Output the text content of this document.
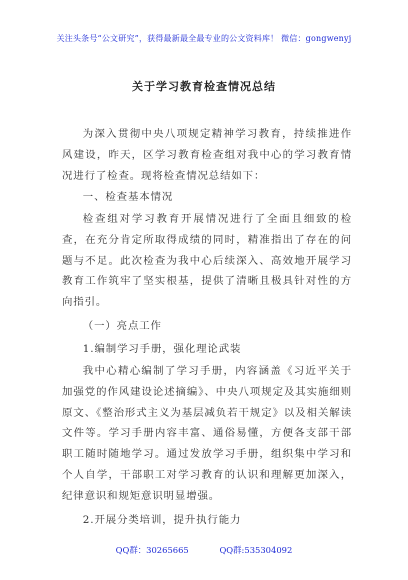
关注头条号“公文研究”，获得最新最全最专业的公文资料库！ 微信：gongwenyj
关于学习教育检查情况总结

为深入贯彻中央八项规定精神学习教育，持续推进作风建设，昨天，区学习教育检查组对我中心的学习教育情况进行了检查。现将检查情况总结如下：

一、检查基本情况

检查组对学习教育开展情况进行了全面且细致的检查，在充分肯定所取得成绩的同时，精准指出了存在的问题与不足。此次检查为我中心后续深入、高效地开展学习教育工作筑牢了坚实根基，提供了清晰且极具针对性的方向指引。

（一）亮点工作

1.编制学习手册，强化理论武装

我中心精心编制了学习手册，内容涵盖《习近平关于加强党的作风建设论述摘编》、中央八项规定及其实施细则原文、《整治形式主义为基层减负若干规定》以及相关解读文件等。学习手册内容丰富、通俗易懂，方便各支部干部职工随时随地学习。通过发放学习手册，组织集中学习和个人自学，干部职工对学习教育的认识和理解更加深入，纪律意识和规矩意识明显增强。

2.开展分类培训，提升执行能力

QQ群：30265665	QQ群:535304092
